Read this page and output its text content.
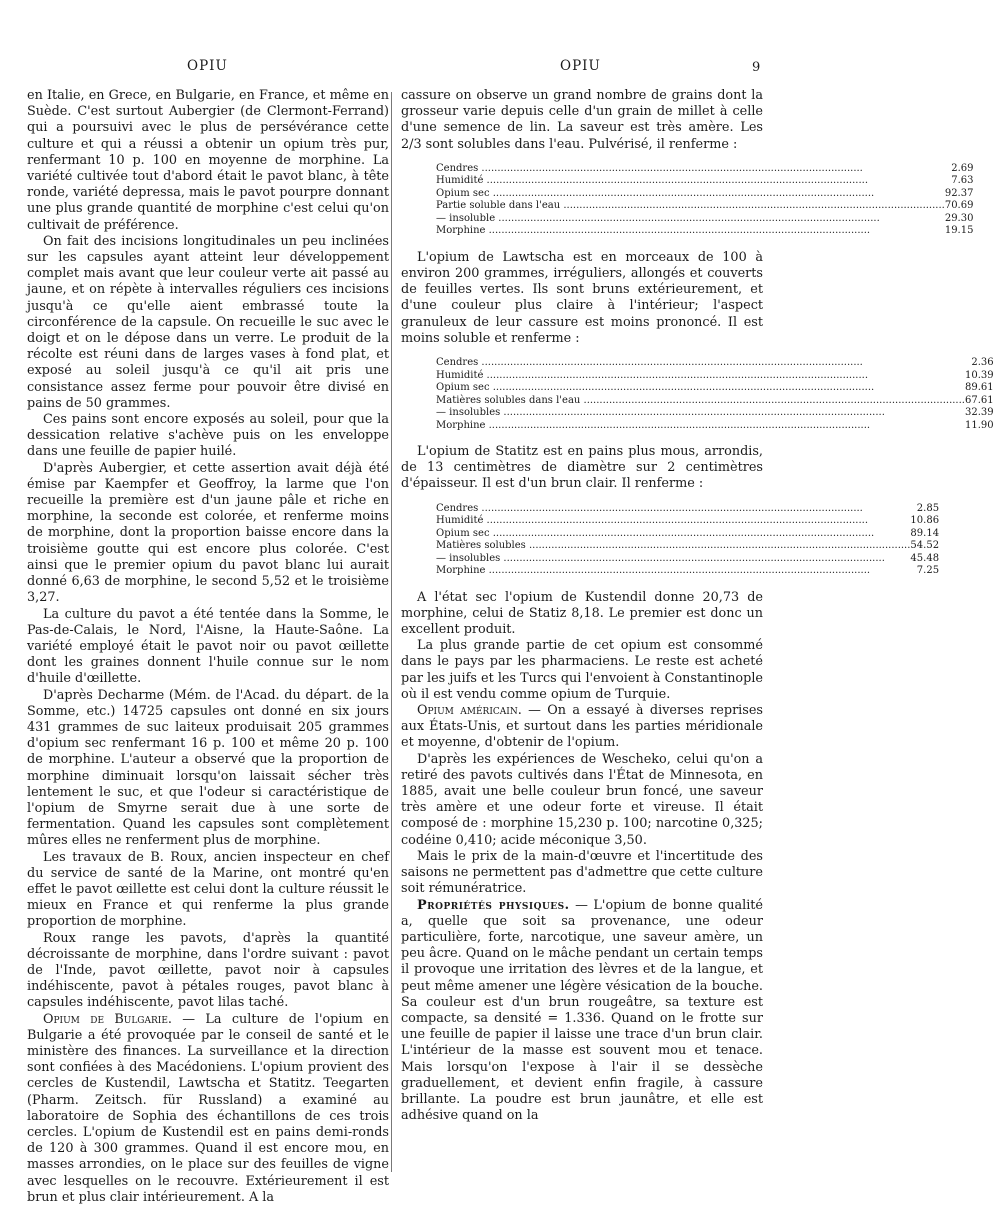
OPIU	OPIU	9

en Italie, en Grece, en Bulgarie, en France, et même en Suède. C'est surtout Aubergier (de Clermont-Ferrand) qui a poursuivi avec le plus de persévérance cette culture et qui a réussi a obtenir un opium très pur, renfermant 10 p. 100 en moyenne de morphine. La variété cultivée tout d'abord était le pavot blanc, à tête ronde, variété depressa, mais le pavot pourpre donnant une plus grande quantité de morphine c'est celui qu'on cultivait de préférence.

On fait des incisions longitudinales un peu inclinées sur les capsules ayant atteint leur développement complet mais avant que leur couleur verte ait passé au jaune, et on répète à intervalles réguliers ces incisions jusqu'à ce qu'elle aient embrassé toute la circonférence de la capsule. On recueille le suc avec le doigt et on le dépose dans un verre. Le produit de la récolte est réuni dans de larges vases à fond plat, et exposé au soleil jusqu'à ce qu'il ait pris une consistance assez ferme pour pouvoir être divisé en pains de 50 grammes.

Ces pains sont encore exposés au soleil, pour que la dessication relative s'achève puis on les enveloppe dans une feuille de papier huilé.

D'après Aubergier, et cette assertion avait déjà été émise par Kaempfer et Geoffroy, la larme que l'on recueille la première est d'un jaune pâle et riche en morphine, la seconde est colorée, et renferme moins de morphine, dont la proportion baisse encore dans la troisième goutte qui est encore plus colorée. C'est ainsi que le premier opium du pavot blanc lui aurait donné 6,63 de morphine, le second 5,52 et le troisième 3,27.

La culture du pavot a été tentée dans la Somme, le Pas-de-Calais, le Nord, l'Aisne, la Haute-Saône. La variété employé était le pavot noir ou pavot œillette dont les graines donnent l'huile connue sur le nom d'huile d'œillette.

D'après Decharme (Mém. de l'Acad. du départ. de la Somme, etc.) 14725 capsules ont donné en six jours 431 grammes de suc laiteux produisait 205 grammes d'opium sec renfermant 16 p. 100 et même 20 p. 100 de morphine. L'auteur a observé que la proportion de morphine diminuait lorsqu'on laissait sécher très lentement le suc, et que l'odeur si caractéristique de l'opium de Smyrne serait due à une sorte de fermentation. Quand les capsules sont complètement mûres elles ne renferment plus de morphine.

Les travaux de B. Roux, ancien inspecteur en chef du service de santé de la Marine, ont montré qu'en effet le pavot œillette est celui dont la culture réussit le mieux en France et qui renferme la plus grande proportion de morphine.

Roux range les pavots, d'après la quantité décroissante de morphine, dans l'ordre suivant : pavot de l'Inde, pavot œillette, pavot noir à capsules indéhiscente, pavot à pétales rouges, pavot blanc à capsules indéhiscente, pavot lilas taché.

Opium de Bulgarie. — La culture de l'opium en Bulgarie a été provoquée par le conseil de santé et le ministère des finances. La surveillance et la direction sont confiées à des Macédoniens. L'opium provient des cercles de Kustendil, Lawtscha et Statitz. Teegarten (Pharm. Zeitsch. für Russland) a examiné au laboratoire de Sophia des échantillons de ces trois cercles. L'opium de Kustendil est en pains demi-ronds de 120 à 300 grammes. Quand il est encore mou, en masses arrondies, on le place sur des feuilles de vigne avec lesquelles on le recouvre. Extérieurement il est brun et plus clair intérieurement. A la

cassure on observe un grand nombre de grains dont la grosseur varie depuis celle d'un grain de millet à celle d'une semence de lin. La saveur est très amère. Les 2/3 sont solubles dans l'eau. Pulvérisé, il renferme :

Cendres ........................................................................................................................	2.69
Humidité ........................................................................................................................	7.63
Opium sec ........................................................................................................................	92.37
Partie soluble dans l'eau ........................................................................................................................	70.69
— insoluble ........................................................................................................................	29.30
Morphine ........................................................................................................................	19.15

L'opium de Lawtscha est en morceaux de 100 à environ 200 grammes, irréguliers, allongés et couverts de feuilles vertes. Ils sont bruns extérieurement, et d'une couleur plus claire à l'intérieur; l'aspect granuleux de leur cassure est moins prononcé. Il est moins soluble et renferme :

Cendres ........................................................................................................................	2.36
Humidité ........................................................................................................................	10.39
Opium sec ........................................................................................................................	89.61
Matières solubles dans l'eau ........................................................................................................................	67.61
— insolubles ........................................................................................................................	32.39
Morphine ........................................................................................................................	11.90

L'opium de Statitz est en pains plus mous, arrondis, de 13 centimètres de diamètre sur 2 centimètres d'épaisseur. Il est d'un brun clair. Il renferme :

Cendres ........................................................................................................................	2.85
Humidité ........................................................................................................................	10.86
Opium sec ........................................................................................................................	89.14
Matières solubles ........................................................................................................................	54.52
— insolubles ........................................................................................................................	45.48
Morphine ........................................................................................................................	7.25

A l'état sec l'opium de Kustendil donne 20,73 de morphine, celui de Statiz 8,18. Le premier est donc un excellent produit.

La plus grande partie de cet opium est consommé dans le pays par les pharmaciens. Le reste est acheté par les juifs et les Turcs qui l'envoient à Constantinople où il est vendu comme opium de Turquie.

Opium américain. — On a essayé à diverses reprises aux États-Unis, et surtout dans les parties méridionale et moyenne, d'obtenir de l'opium.

D'après les expériences de Wescheko, celui qu'on a retiré des pavots cultivés dans l'État de Minnesota, en 1885, avait une belle couleur brun foncé, une saveur très amère et une odeur forte et vireuse. Il était composé de : morphine 15,230 p. 100; narcotine 0,325; codéine 0,410; acide méconique 3,50.

Mais le prix de la main-d'œuvre et l'incertitude des saisons ne permettent pas d'admettre que cette culture soit rémunératrice.

Propriétés physiques. — L'opium de bonne qualité a, quelle que soit sa provenance, une odeur particulière, forte, narcotique, une saveur amère, un peu âcre. Quand on le mâche pendant un certain temps il provoque une irritation des lèvres et de la langue, et peut même amener une légère vésication de la bouche. Sa couleur est d'un brun rougeâtre, sa texture est compacte, sa densité = 1.336. Quand on le frotte sur une feuille de papier il laisse une trace d'un brun clair. L'intérieur de la masse est souvent mou et tenace. Mais lorsqu'on l'expose à l'air il se dessèche graduellement, et devient enfin fragile, à cassure brillante. La poudre est brun jaunâtre, et elle est adhésive quand on la
